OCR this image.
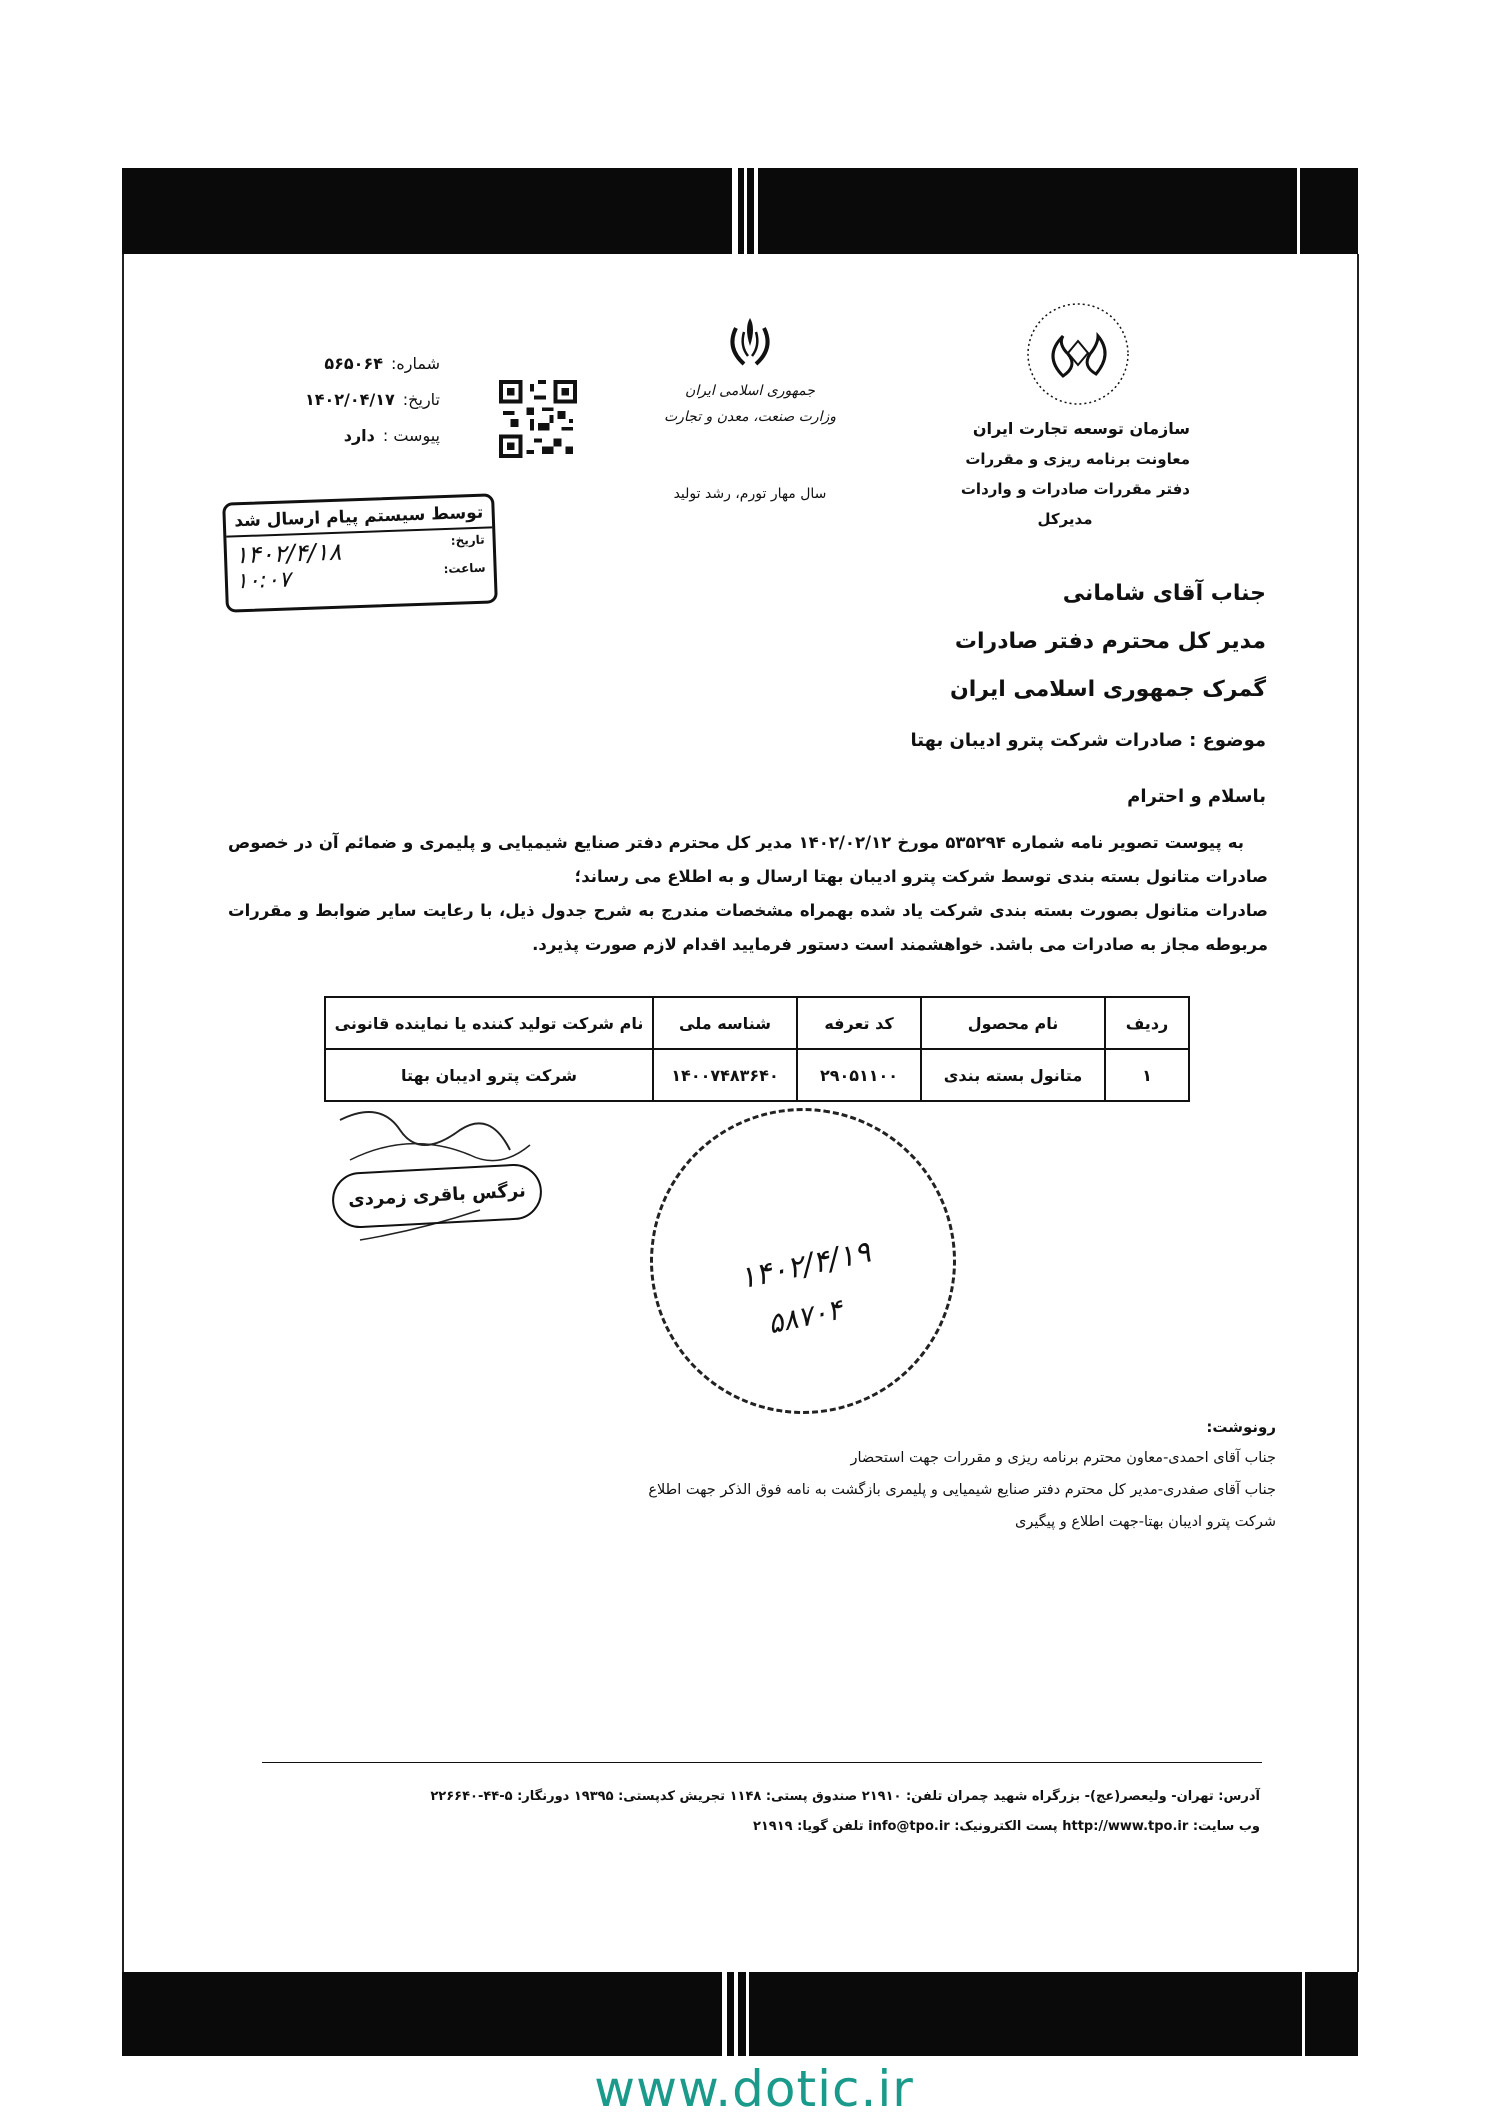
سازمان توسعه تجارت ایران
معاونت برنامه ریزی و مقررات
دفتر مقررات صادرات و واردات
مدیرکل
جمهوری اسلامی ایران
وزارت صنعت، معدن و تجارت
سال مهار تورم، رشد تولید
شماره:۵۶۵۰۶۴
تاریخ:۱۴۰۲/۰۴/۱۷
پیوست :دارد
توسط سیستم پیام ارسال شد
تاریخ:
۱۴۰۲/۴/۱۸	ساعت:
۱۰:۰۷	جناب آقای شامانی
مدیر کل محترم دفتر صادرات
گمرک جمهوری اسلامی ایران
موضوع : صادرات شرکت پترو ادیبان بهتا
باسلام و احترام
به پیوست تصویر نامه شماره ۵۳۵۲۹۴ مورخ ۱۴۰۲/۰۲/۱۲ مدیر کل محترم دفتر صنایع شیمیایی و پلیمری و ضمائم آن در خصوص صادرات متانول بسته بندی توسط شرکت پترو ادیبان بهتا ارسال و به اطلاع می رساند؛
صادرات متانول بصورت بسته بندی شرکت یاد شده بهمراه مشخصات مندرج به شرح جدول ذیل، با رعایت سایر ضوابط و مقررات مربوطه مجاز به صادرات می باشد. خواهشمند است دستور فرمایید اقدام لازم صورت پذیرد.
ردیف	نام محصول	کد تعرفه	شناسه ملی	نام شرکت تولید کننده یا نماینده قانونی
۱	متانول بسته بندی	۲۹۰۵۱۱۰۰	۱۴۰۰۷۴۸۳۶۴۰	شرکت پترو ادیبان بهتا
نرگس باقری زمردی
۱۴۰۲/۴/۱۹
۵۸۷۰۴
رونوشت:
جناب آقای احمدی-معاون محترم برنامه ریزی و مقررات جهت استحضار
جناب آقای صفدری-مدیر کل محترم دفتر صنایع شیمیایی و پلیمری بازگشت به نامه فوق الذکر جهت اطلاع
شرکت پترو ادیبان بهتا-جهت اطلاع و پیگیری
آدرس: تهران- ولیعصر(عج)- بزرگراه شهید چمران تلفن: ۲۱۹۱۰ صندوق پستی: ۱۱۴۸ تجریش کدپستی: ۱۹۳۹۵ دورنگار: ۵-۴۴-۲۲۶۶۴۰
وب سایت: http://www.tpo.ir پست الکترونیک: info@tpo.ir تلفن گویا: ۲۱۹۱۹
www.dotic.ir
